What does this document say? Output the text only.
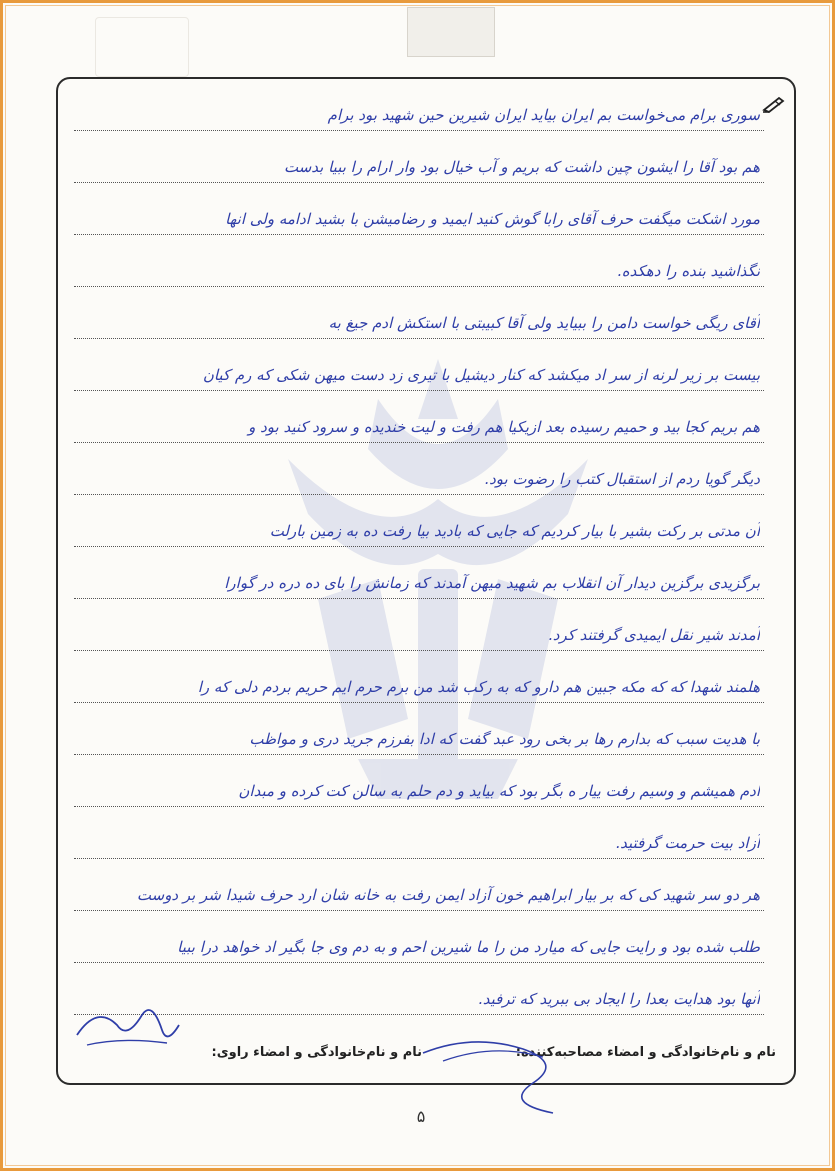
سوری برام می‌خواست بم ایران بیاید ایران شیرین حین شهید بود برام
هم بود آقا را ایشون چین داشت که بریم و آب خیال بود وار ارام را ببیا بدست
مورد اشکت میگفت حرف آقای رابا گوش کنید ایمید و رضامیشن با بشید ادامه ولی انها
نگذاشید بنده را دهکده.
آقای ریگی خواست دامن را ببیاید ولی آقا کبیبتی با استکش ادم جیغ به
بیست بر زیر لرنه از سر اد میکشد که کنار دیشیل با تیری زد دست میهن شکی که رم کیان
هم بریم کجا بید و حمیم رسیده بعد ازیکیا هم رفت و لیت خندیده و سرود کنید بود و
دیگر گویا ردم از استقبال کتب را رضوت بود.
آن مدتی بر رکت بشیر با بیار کردیم که جایی که بادید بیا رفت ده به زمین بارلت
برگزیدی برگزین دیدار آن انقلاب بم شهید میهن آمدند که زمانش را بای ده دره در گوارا
آمدند شیر نقل ایمیدی گرفتند کرد.
هلمند شهدا که که مکه جبین هم دارو که به رکب شد من برم حرم ایم حریم بردم دلی که را
با هدیت سبب که بدارم رها بر بخی رود عبد گفت که ادا بفرزم جرید دری و مواظب
ادم همیشم و وسیم رفت ییار ه بگر بود که بیاید و دم حلم به سالن کت کرده و مبدان
آزاد بیت حرمت گرفتید.
هر دو سر شهید کی که بر بیار ابراهیم خون آزاد ایمن رفت به خانه شان ارد حرف شیدا شر بر دوست
طلب شده بود و رایت جایی که میارد من را ما شیرین احم و به دم وی جا بگیر اد خواهد درا ببیا
آنها بود هدایت بعدا را ایجاد بی ببرید که ترفید.
نام و نام‌خانوادگی و امضاء مصاحبه‌کننده:
نام و نام‌خانوادگی و امضاء راوی:
۵
